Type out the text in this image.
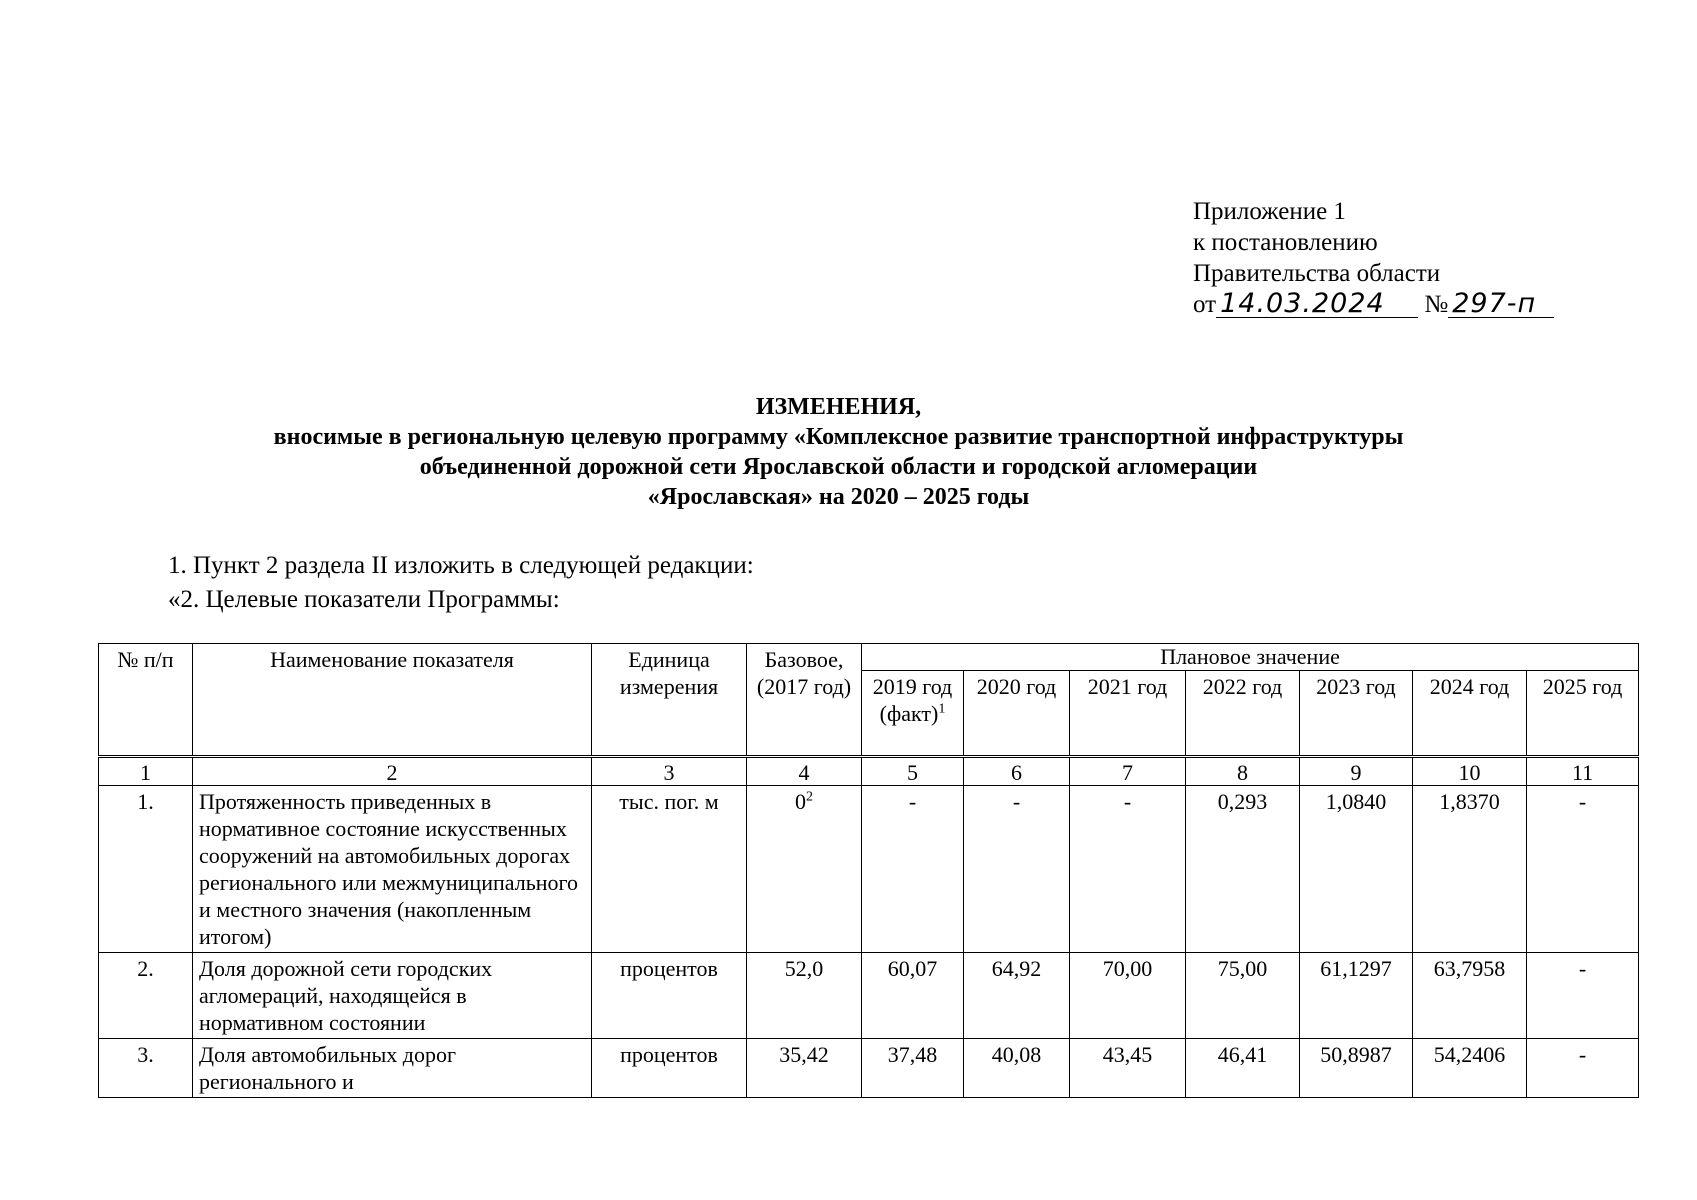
Приложение 1
к постановлению
Правительства области
от 14.03.2024 № 297-п
ИЗМЕНЕНИЯ,
вносимые в региональную целевую программу «Комплексное развитие транспортной инфраструктуры
объединенной дорожной сети Ярославской области и городской агломерации
«Ярославская» на 2020 – 2025 годы
1. Пункт 2 раздела II изложить в следующей редакции:
«2. Целевые показатели Программы:
№ п/п	Наименование показателя	Единица измерения	Базовое, (2017 год)	Плановое значение						
				2019 год (факт)$^1$	2020 год	2021 год	2022 год	2023 год	2024 год	2025 год
1	2	3	4	5	6	7	8	9	10	11
1.	Протяженность приведенных в нормативное состояние искусственных сооружений на автомобильных дорогах регионального или межмуниципального и местного значения (накопленным итогом)	тыс. пог. м	$0^2$	-	-	-	0,293	1,0840	1,8370	-
2.	Доля дорожной сети городских агломераций, находящейся в нормативном состоянии	процентов	52,0	60,07	64,92	70,00	75,00	61,1297	63,7958	-
3.	Доля автомобильных дорог регионального и	процентов	35,42	37,48	40,08	43,45	46,41	50,8987	54,2406	-
